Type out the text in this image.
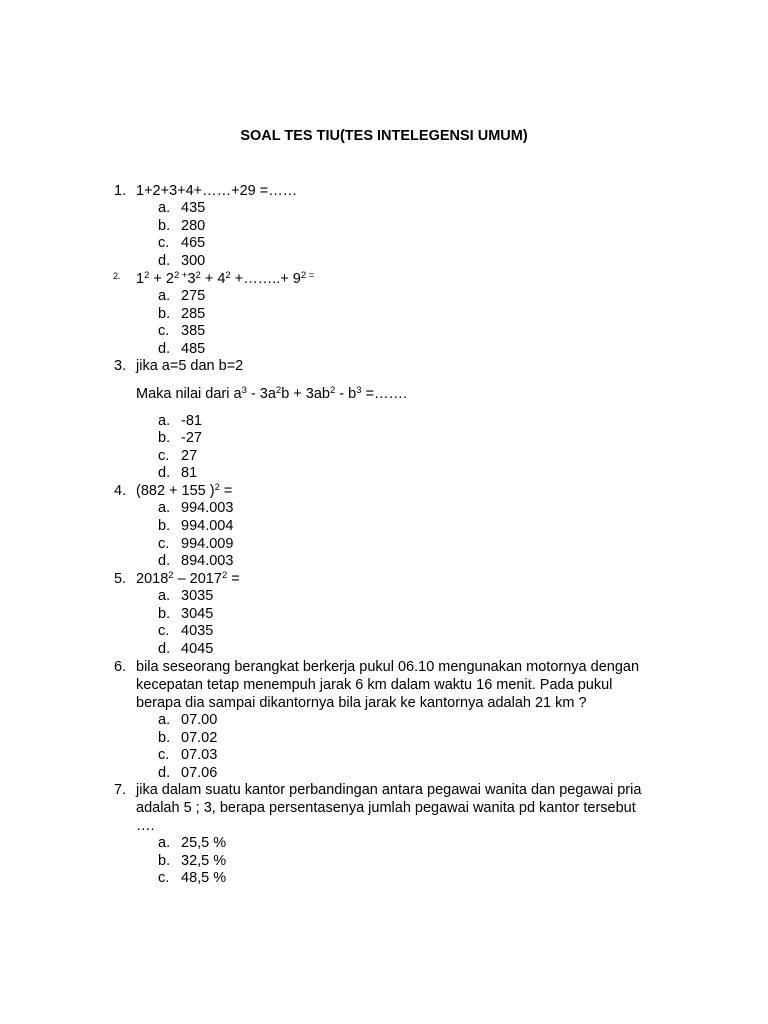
SOAL TES TIU(TES INTELEGENSI UMUM)
1. 1+2+3+4+……+29 =……
a. 435
b. 280
c. 465
d. 300
2. $1^2 + 2^{2 +}3^2 + 4^2$ +……..+ $9^{2 =}$
a. 275
b. 285
c. 385
d. 485
3. jika a=5 dan b=2
Maka nilai dari $a^3 - 3a^2b + 3ab^2 - b^3$ =…….
a. -81
b. -27
c. 27
d. 81
4. (882 + 155 )$^2$ =
a. 994.003
b. 994.004
c. 994.009
d. 894.003
5. $2018^2 - 2017^2$ =
a. 3035
b. 3045
c. 4035
d. 4045
6. bila seseorang berangkat berkerja pukul 06.10 mengunakan motornya dengan
kecepatan tetap menempuh jarak 6 km dalam waktu 16 menit. Pada pukul
berapa dia sampai dikantornya bila jarak ke kantornya adalah 21 km ?
a. 07.00
b. 07.02
c. 07.03
d. 07.06
7. jika dalam suatu kantor perbandingan antara pegawai wanita dan pegawai pria
adalah 5 ; 3, berapa persentasenya jumlah pegawai wanita pd kantor tersebut
….
a. 25,5 %
b. 32,5 %
c. 48,5 %
